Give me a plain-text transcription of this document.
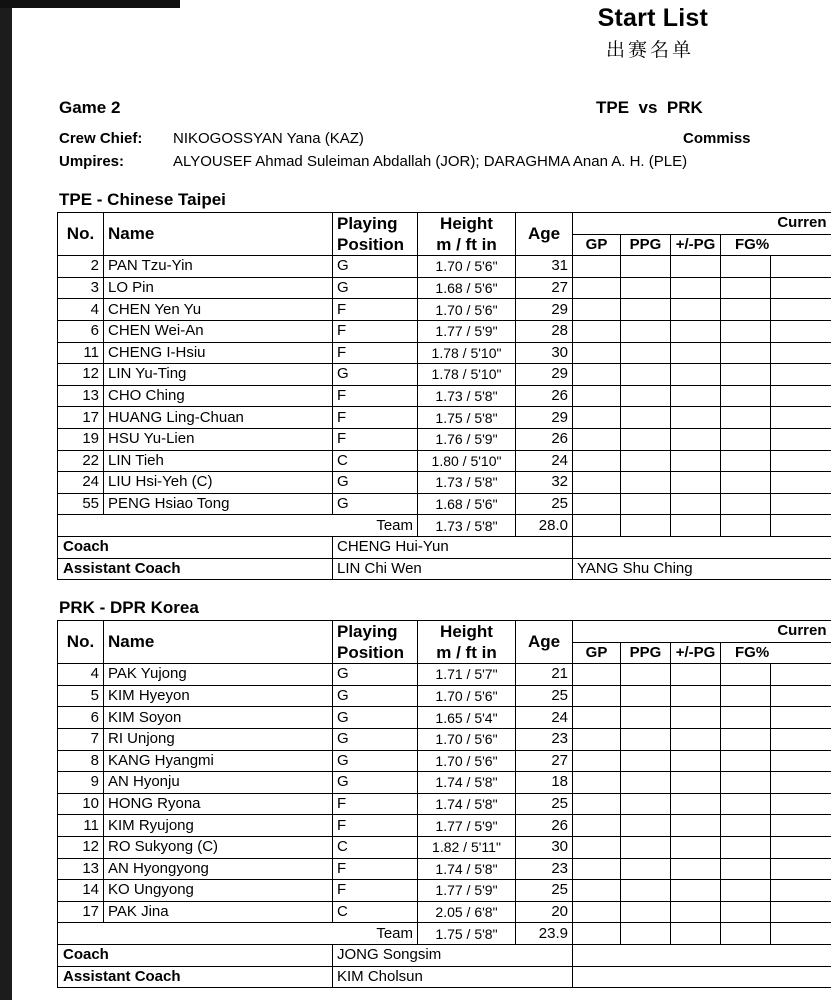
Start List
出赛名单
Game 2	TPE  vs  PRK
Crew Chief: NIKOGOSSYAN Yana (KAZ)	Commiss
Umpires:	ALYOUSEF Ahmad Suleiman Abdallah (JOR); DARAGHMA Anan A. H. (PLE)
TPE - Chinese Taipei
No.	Name	Playing	Height	Age	Curren				
		Position	m / ft in		GP	PPG	+/-PG	FG%	
2	PAN Tzu-Yin	G	1.70 / 5'6"	31					
3	LO Pin	G	1.68 / 5'6"	27					
4	CHEN Yen Yu	F	1.70 / 5'6"	29					
6	CHEN Wei-An	F	1.77 / 5'9"	28					
11	CHENG I-Hsiu	F	1.78 / 5'10"	30					
12	LIN Yu-Ting	G	1.78 / 5'10"	29					
13	CHO Ching	F	1.73 / 5'8"	26					
17	HUANG Ling-Chuan	F	1.75 / 5'8"	29					
19	HSU Yu-Lien	F	1.76 / 5'9"	26					
22	LIN Tieh	C	1.80 / 5'10"	24					
24	LIU Hsi-Yeh (C)	G	1.73 / 5'8"	32					
55	PENG Hsiao Tong	G	1.68 / 5'6"	25					
Team			1.73 / 5'8"	28.0					
Coach		CHENG Hui-Yun							
Assistant Coach		LIN Chi Wen			YANG Shu Ching				
PRK - DPR Korea
No.	Name	Playing	Height	Age	Curren				
		Position	m / ft in		GP	PPG	+/-PG	FG%	
4	PAK Yujong	G	1.71 / 5'7"	21					
5	KIM Hyeyon	G	1.70 / 5'6"	25					
6	KIM Soyon	G	1.65 / 5'4"	24					
7	RI Unjong	G	1.70 / 5'6"	23					
8	KANG Hyangmi	G	1.70 / 5'6"	27					
9	AN Hyonju	G	1.74 / 5'8"	18					
10	HONG Ryona	F	1.74 / 5'8"	25					
11	KIM Ryujong	F	1.77 / 5'9"	26					
12	RO Sukyong (C)	C	1.82 / 5'11"	30					
13	AN Hyongyong	F	1.74 / 5'8"	23					
14	KO Ungyong	F	1.77 / 5'9"	25					
17	PAK Jina	C	2.05 / 6'8"	20					
Team			1.75 / 5'8"	23.9					
Coach		JONG Songsim							
Assistant Coach		KIM Cholsun							
